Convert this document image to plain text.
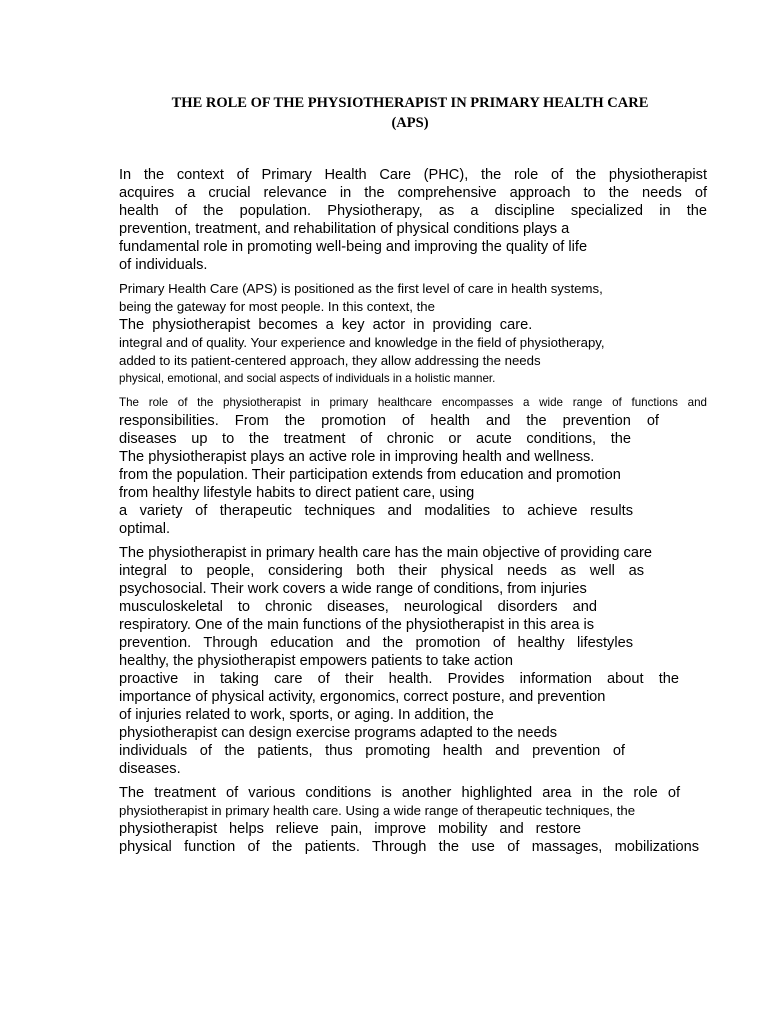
THE ROLE OF THE PHYSIOTHERAPIST IN PRIMARY HEALTH CARE
(APS)
In the context of Primary Health Care (PHC), the role of the physiotherapist
acquires a crucial relevance in the comprehensive approach to the needs of
health of the population. Physiotherapy, as a discipline specialized in the
prevention, treatment, and rehabilitation of physical conditions plays a
fundamental role in promoting well-being and improving the quality of life
of individuals.
Primary Health Care (APS) is positioned as the first level of care in health systems,
being the gateway for most people. In this context, the
The physiotherapist becomes a key actor in providing care.
integral and of quality. Your experience and knowledge in the field of physiotherapy,
added to its patient-centered approach, they allow addressing the needs
physical, emotional, and social aspects of individuals in a holistic manner.
The role of the physiotherapist in primary healthcare encompasses a wide range of functions and
responsibilities. From the promotion of health and the prevention of
diseases up to the treatment of chronic or acute conditions, the
The physiotherapist plays an active role in improving health and wellness.
from the population. Their participation extends from education and promotion
from healthy lifestyle habits to direct patient care, using
a variety of therapeutic techniques and modalities to achieve results
optimal.
The physiotherapist in primary health care has the main objective of providing care
integral to people, considering both their physical needs as well as
psychosocial. Their work covers a wide range of conditions, from injuries
musculoskeletal to chronic diseases, neurological disorders and
respiratory. One of the main functions of the physiotherapist in this area is
prevention. Through education and the promotion of healthy lifestyles
healthy, the physiotherapist empowers patients to take action
proactive in taking care of their health. Provides information about the
importance of physical activity, ergonomics, correct posture, and prevention
of injuries related to work, sports, or aging. In addition, the
physiotherapist can design exercise programs adapted to the needs
individuals of the patients, thus promoting health and prevention of
diseases.
The treatment of various conditions is another highlighted area in the role of
physiotherapist in primary health care. Using a wide range of therapeutic techniques, the
physiotherapist helps relieve pain, improve mobility and restore
physical function of the patients. Through the use of massages, mobilizations
